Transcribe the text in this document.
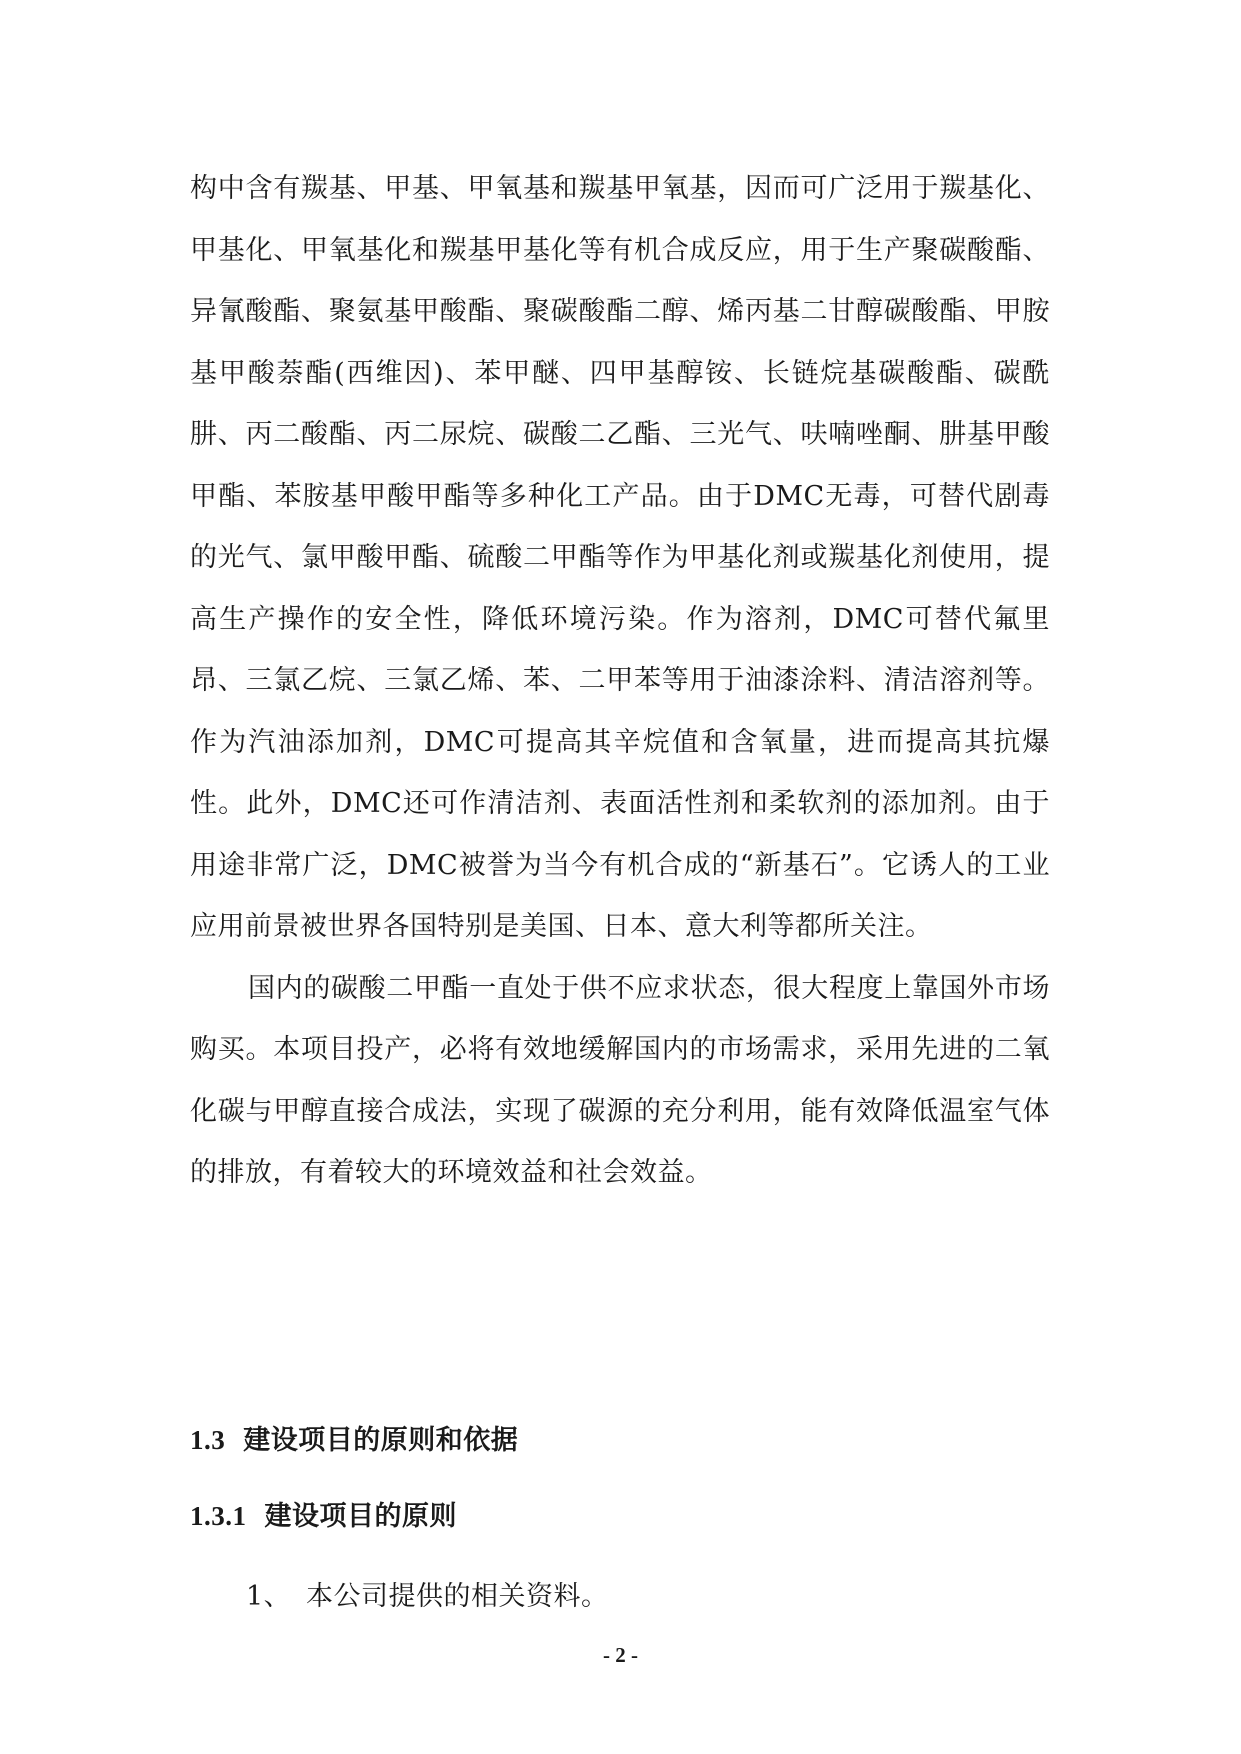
构中含有羰基、甲基、甲氧基和羰基甲氧基，因而可广泛用于羰基化、甲基化、甲氧基化和羰基甲基化等有机合成反应，用于生产聚碳酸酯、异氰酸酯、聚氨基甲酸酯、聚碳酸酯二醇、烯丙基二甘醇碳酸酯、甲胺基甲酸萘酯(西维因)、苯甲醚、四甲基醇铵、长链烷基碳酸酯、碳酰肼、丙二酸酯、丙二尿烷、碳酸二乙酯、三光气、呋喃唑酮、肼基甲酸甲酯、苯胺基甲酸甲酯等多种化工产品。由于DMC无毒，可替代剧毒的光气、氯甲酸甲酯、硫酸二甲酯等作为甲基化剂或羰基化剂使用，提高生产操作的安全性，降低环境污染。作为溶剂，DMC可替代氟里昂、三氯乙烷、三氯乙烯、苯、二甲苯等用于油漆涂料、清洁溶剂等。作为汽油添加剂，DMC可提高其辛烷值和含氧量，进而提高其抗爆性。此外，DMC还可作清洁剂、表面活性剂和柔软剂的添加剂。由于用途非常广泛，DMC被誉为当今有机合成的“新基石”。它诱人的工业应用前景被世界各国特别是美国、日本、意大利等都所关注。

国内的碳酸二甲酯一直处于供不应求状态，很大程度上靠国外市场购买。本项目投产，必将有效地缓解国内的市场需求，采用先进的二氧化碳与甲醇直接合成法，实现了碳源的充分利用，能有效降低温室气体的排放，有着较大的环境效益和社会效益。

1.3 建设项目的原则和依据
1.3.1 建设项目的原则

1、 本公司提供的相关资料。

- 2 -
